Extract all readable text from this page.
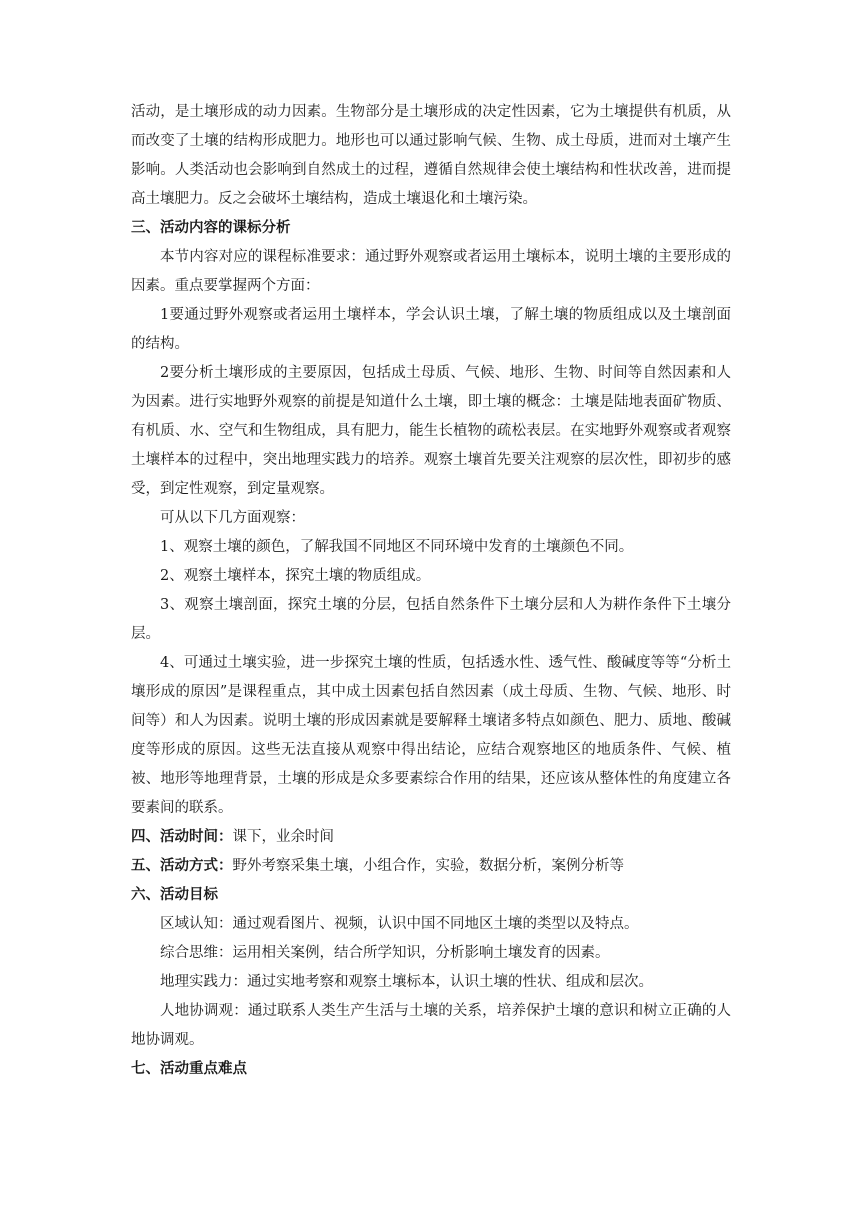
活动，是土壤形成的动力因素。生物部分是土壤形成的决定性因素，它为土壤提供有机质，从而改变了土壤的结构形成肥力。地形也可以通过影响气候、生物、成土母质，进而对土壤产生影响。人类活动也会影响到自然成土的过程，遵循自然规律会使土壤结构和性状改善，进而提高土壤肥力。反之会破坏土壤结构，造成土壤退化和土壤污染。

三、活动内容的课标分析

本节内容对应的课程标准要求：通过野外观察或者运用土壤标本，说明土壤的主要形成的因素。重点要掌握两个方面：

1要通过野外观察或者运用土壤样本，学会认识土壤，了解土壤的物质组成以及土壤剖面的结构。

2要分析土壤形成的主要原因，包括成土母质、气候、地形、生物、时间等自然因素和人为因素。进行实地野外观察的前提是知道什么土壤，即土壤的概念：土壤是陆地表面矿物质、有机质、水、空气和生物组成，具有肥力，能生长植物的疏松表层。在实地野外观察或者观察土壤样本的过程中，突出地理实践力的培养。观察土壤首先要关注观察的层次性，即初步的感受，到定性观察，到定量观察。

可从以下几方面观察：

1、观察土壤的颜色，了解我国不同地区不同环境中发育的土壤颜色不同。

2、观察土壤样本，探究土壤的物质组成。

3、观察土壤剖面，探究土壤的分层，包括自然条件下土壤分层和人为耕作条件下土壤分层。

4、可通过土壤实验，进一步探究土壤的性质，包括透水性、透气性、酸碱度等等“分析土壤形成的原因”是课程重点，其中成土因素包括自然因素（成土母质、生物、气候、地形、时间等）和人为因素。说明土壤的形成因素就是要解释土壤诸多特点如颜色、肥力、质地、酸碱度等形成的原因。这些无法直接从观察中得出结论，应结合观察地区的地质条件、气候、植被、地形等地理背景，土壤的形成是众多要素综合作用的结果，还应该从整体性的角度建立各要素间的联系。

四、活动时间：课下，业余时间

五、活动方式：野外考察采集土壤，小组合作，实验，数据分析，案例分析等

六、活动目标

区域认知：通过观看图片、视频，认识中国不同地区土壤的类型以及特点。

综合思维：运用相关案例，结合所学知识，分析影响土壤发育的因素。

地理实践力：通过实地考察和观察土壤标本，认识土壤的性状、组成和层次。

人地协调观：通过联系人类生产生活与土壤的关系，培养保护土壤的意识和树立正确的人地协调观。

七、活动重点难点
